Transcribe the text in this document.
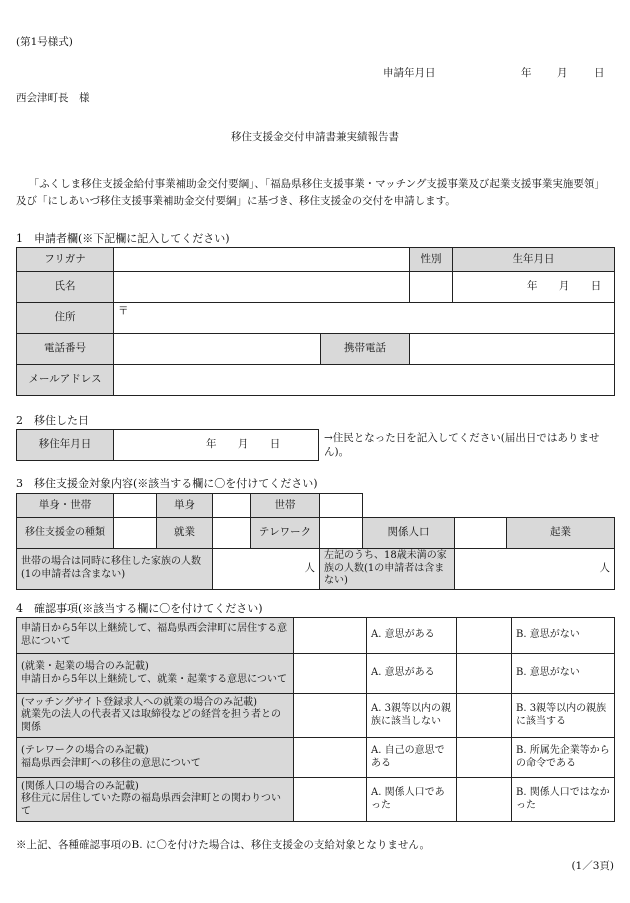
(第1号様式)
申請年月日	年 月	日
西会津町長　様
移住支援金交付申請書兼実績報告書
「ふくしま移住支援金給付事業補助金交付要綱」、「福島県移住支援事業・マッチング支援事業及び起業支援事業実施要領」及び「にしあいづ移住支援事業補助金交付要綱」に基づき、移住支援金の交付を申請します。
1　申請者欄(※下記欄に記入してください)
フリガナ			性別	生年月日
氏名				年 月 日
住所	〒			
電話番号		携帯電話		
メールアドレス				
2　移住した日
移住年月日	年 月 日
→住民となった日を記入してください(届出日ではありません)。
3　移住支援金対象内容(※該当する欄に〇を付けてください)
単身・世帯		単身		世帯				
移住支援金の種類		就業		テレワーク		関係人口		起業
世帯の場合は同時に移住した家族の人数(1の申請者は含まない)			人		左記のうち、18歳未満の家族の人数(1の申請者は含まない)		人	
4　確認事項(※該当する欄に〇を付けてください)
申請日から5年以上継続して、福島県西会津町に居住する意思について		A. 意思がある		B. 意思がない
(就業・起業の場合のみ記載)
申請日から5年以上継続して、就業・起業する意思について		A. 意思がある		B. 意思がない
(マッチングサイト登録求人への就業の場合のみ記載)
就業先の法人の代表者又は取締役などの経営を担う者との関係		A. 3親等以内の親族に該当しない		B. 3親等以内の親族に該当する
(テレワークの場合のみ記載)
福島県西会津町への移住の意思について		A. 自己の意思である		B. 所属先企業等からの命令である
(関係人口の場合のみ記載)
移住元に居住していた際の福島県西会津町との関わりついて		A. 関係人口であった		B. 関係人口ではなかった
※上記、各種確認事項のB. に〇を付けた場合は、移住支援金の支給対象となりません。
(1／3頁)
